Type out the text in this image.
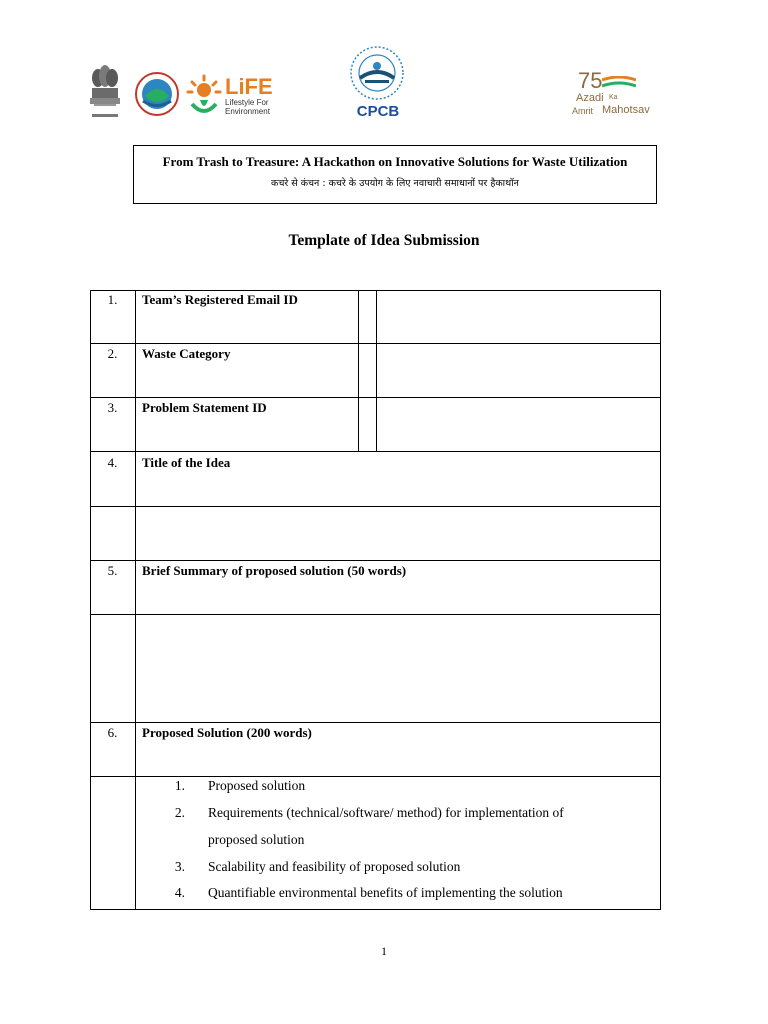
LiFE
Lifestyle For
Environment	CPCB
75
Azadi Ka
Amrit Mahotsav
From Trash to Treasure: A Hackathon on Innovative Solutions for Waste Utilization
कचरे से कंचन : कचरे के उपयोग के लिए नवाचारी समाधानों पर हैकाथॉन
Template of Idea Submission
1.	Team’s Registered Email ID
2.	Waste Category
3.	Problem Statement ID
4.	Title of the Idea
5.	Brief Summary of proposed solution (50 words)
6.	Proposed Solution (200 words)
1. Proposed solution
2. Requirements (technical/software/ method) for implementation of
proposed solution
3. Scalability and feasibility of proposed solution
4. Quantifiable environmental benefits of implementing the solution
1
